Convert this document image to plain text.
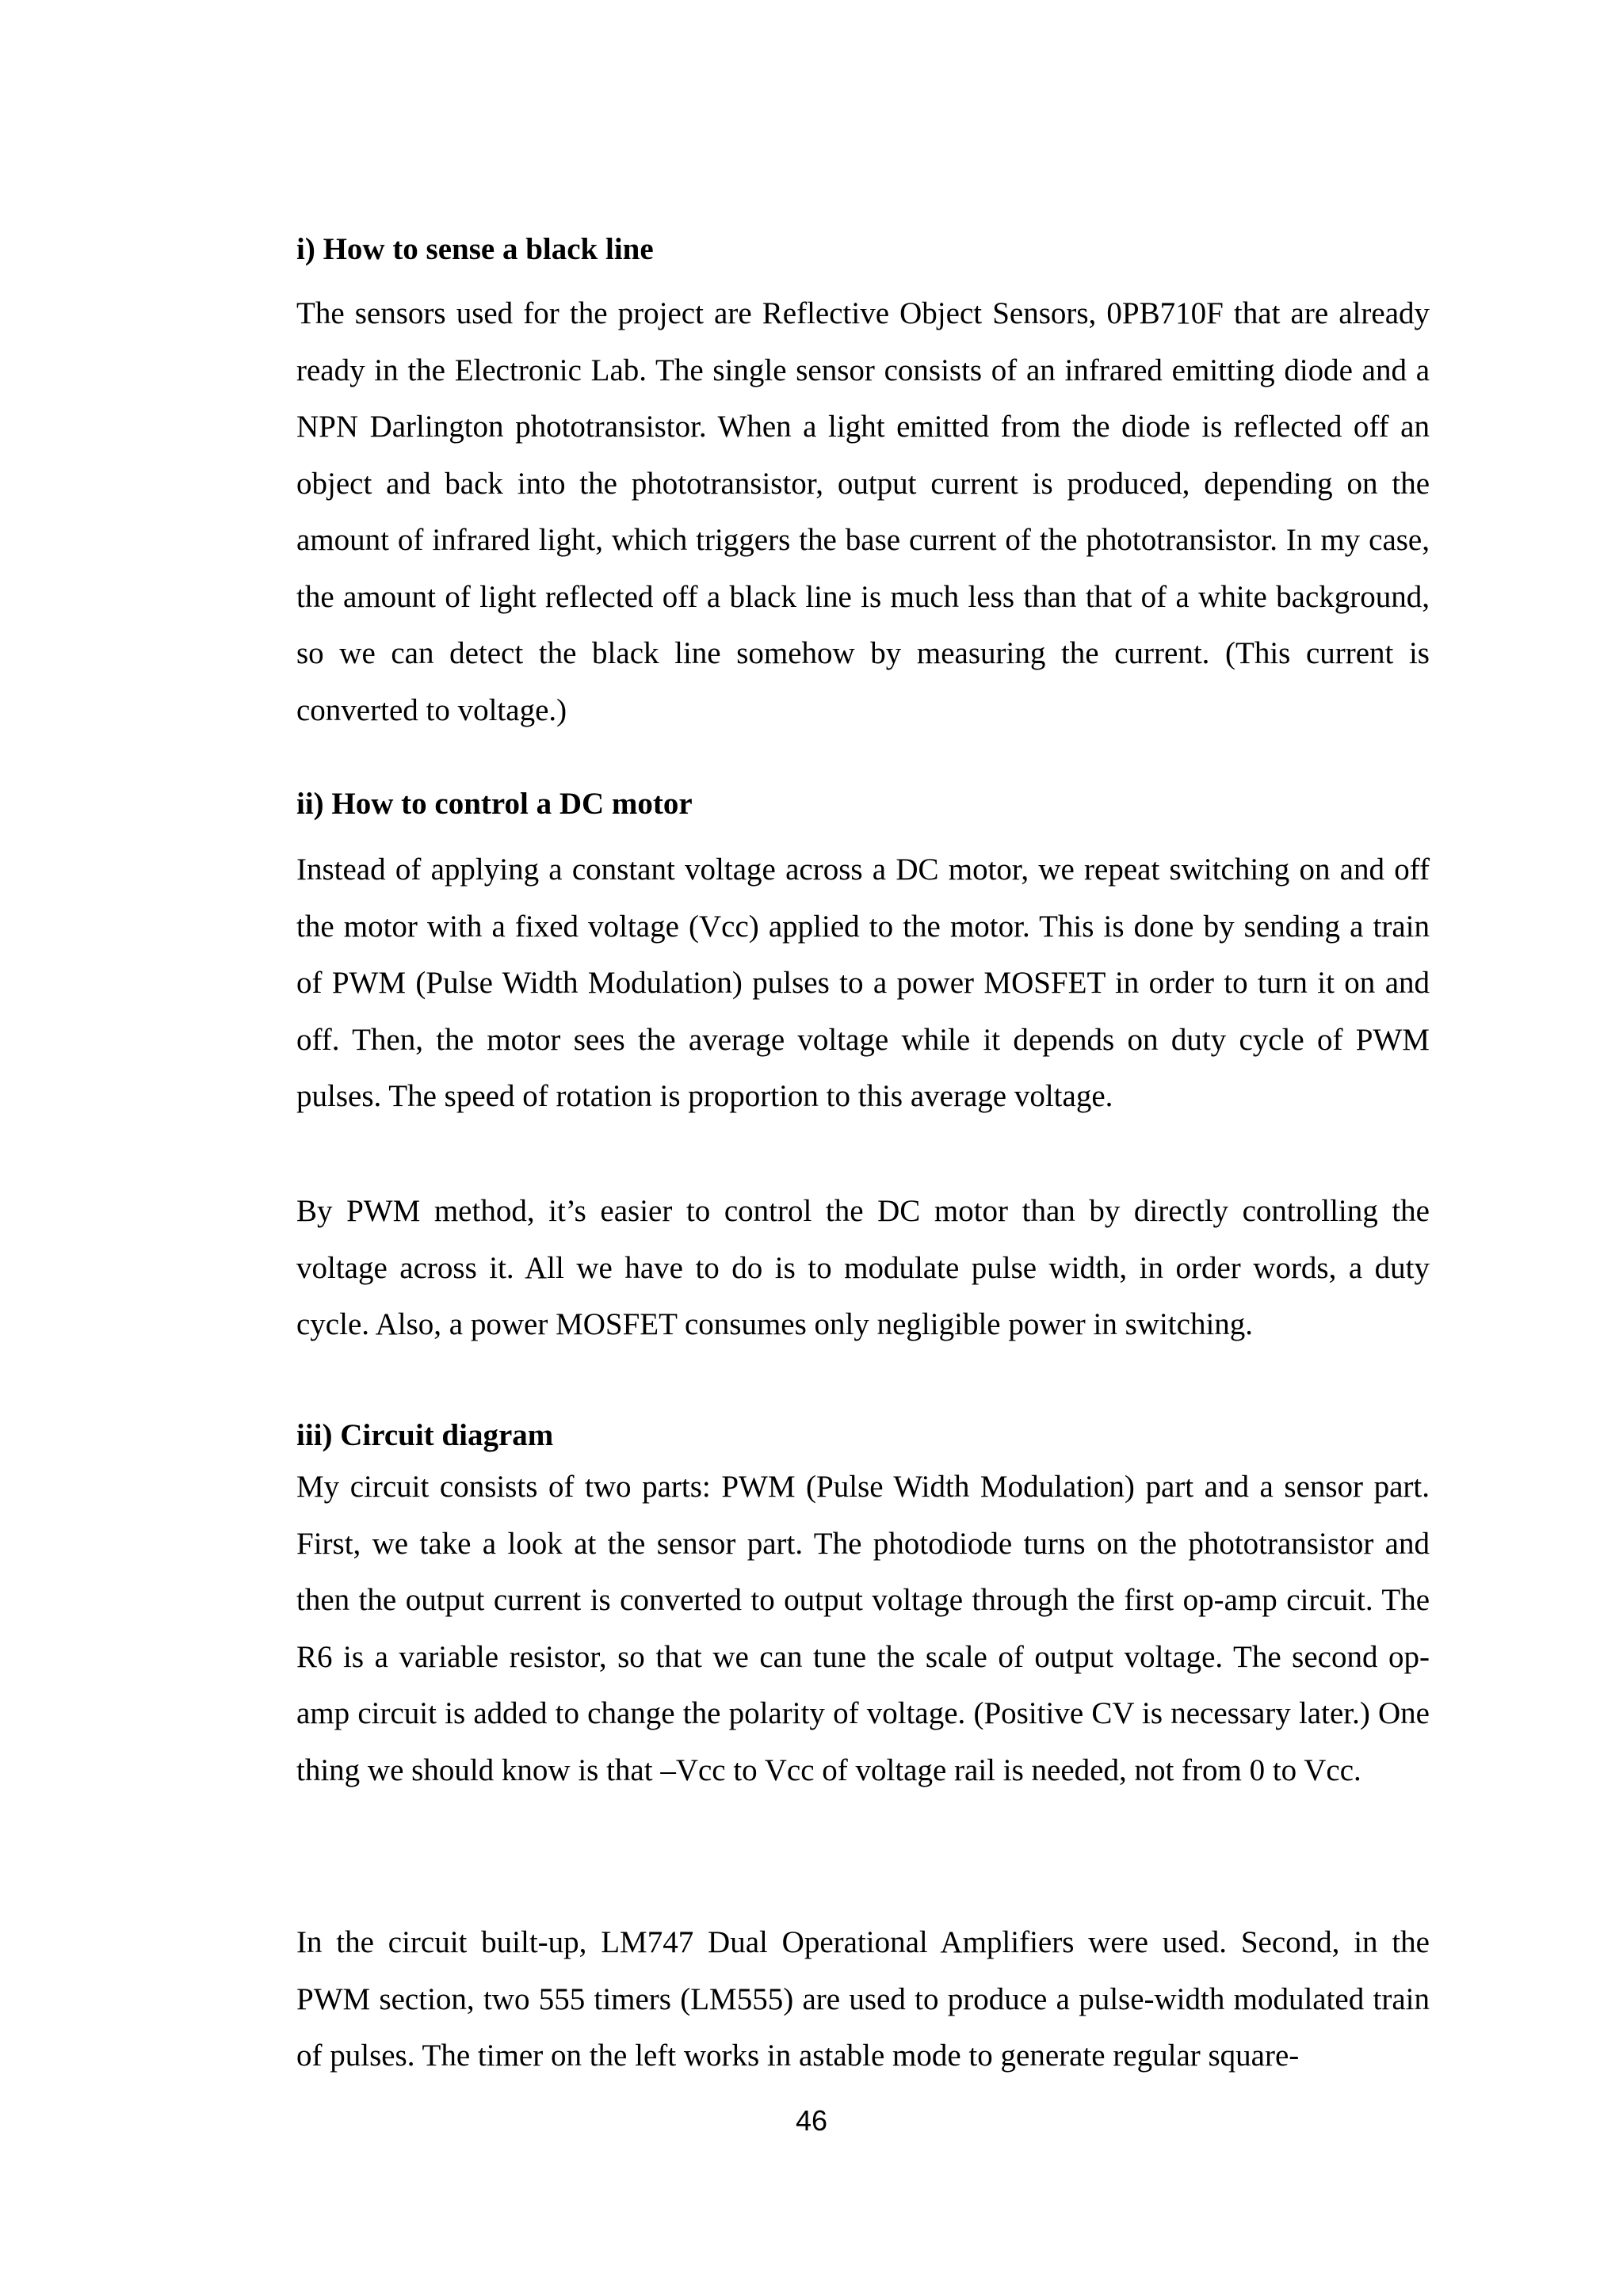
i) How to sense a black line

The sensors used for the project are Reflective Object Sensors, 0PB710F that are already ready in the Electronic Lab. The single sensor consists of an infrared emitting diode and a NPN Darlington phototransistor. When a light emitted from the diode is reflected off an object and back into the phototransistor, output current is produced, depending on the amount of infrared light, which triggers the base current of the phototransistor. In my case, the amount of light reflected off a black line is much less than that of a white background, so we can detect the black line somehow by measuring the current. (This current is converted to voltage.)

ii) How to control a DC motor

Instead of applying a constant voltage across a DC motor, we repeat switching on and off the motor with a fixed voltage (Vcc) applied to the motor. This is done by sending a train of PWM (Pulse Width Modulation) pulses to a power MOSFET in order to turn it on and off. Then, the motor sees the average voltage while it depends on duty cycle of PWM pulses. The speed of rotation is proportion to this average voltage.

By PWM method, it’s easier to control the DC motor than by directly controlling the voltage across it. All we have to do is to modulate pulse width, in order words, a duty cycle. Also, a power MOSFET consumes only negligible power in switching.

iii) Circuit diagram

My circuit consists of two parts: PWM (Pulse Width Modulation) part and a sensor part. First, we take a look at the sensor part. The photodiode turns on the phototransistor and then the output current is converted to output voltage through the first op-amp circuit. The R6 is a variable resistor, so that we can tune the scale of output voltage. The second op-amp circuit is added to change the polarity of voltage. (Positive CV is necessary later.) One thing we should know is that –Vcc to Vcc of voltage rail is needed, not from 0 to Vcc.

In the circuit built-up, LM747 Dual Operational Amplifiers were used. Second, in the PWM section, two 555 timers (LM555) are used to produce a pulse-width modulated train of pulses. The timer on the left works in astable mode to generate regular square-

46
